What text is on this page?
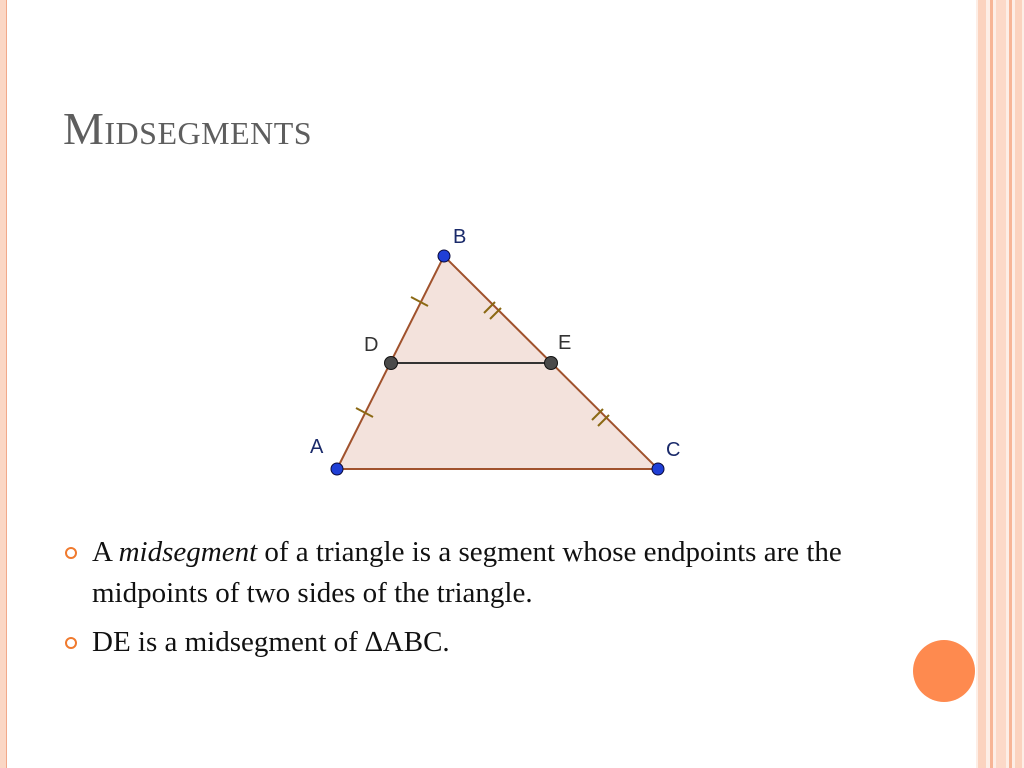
Midsegments
B
D	E
A	C
A midsegment of a triangle is a segment whose endpoints are the midpoints of two sides of the triangle.
DE is a midsegment of ∆ABC.
